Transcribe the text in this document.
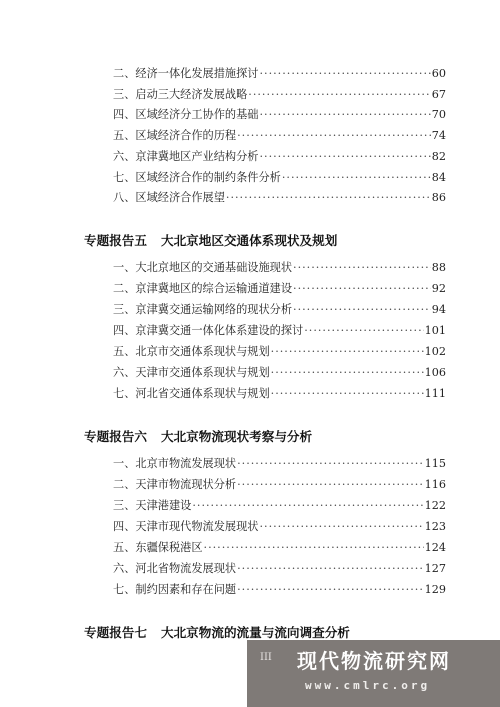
二、经济一体化发展措施探讨 ·····	60
三、启动三大经济发展战略 ·····	67
四、区域经济分工协作的基础 ·····	70
五、区域经济合作的历程 ·····	74
六、京津冀地区产业结构分析 ·····	82
七、区域经济合作的制约条件分析 ·····	84
八、区域经济合作展望 ·····	86
专题报告五 大北京地区交通体系现状及规划
一、大北京地区的交通基础设施现状 ·····	88
二、京津冀地区的综合运输通道建设 ·····	92
三、京津冀交通运输网络的现状分析 ·····	94
四、京津冀交通一体化体系建设的探讨 ·····	101
五、北京市交通体系现状与规划 ·····	102
六、天津市交通体系现状与规划 ·····	106
七、河北省交通体系现状与规划 ·····	111
专题报告六 大北京物流现状考察与分析
一、北京市物流发展现状 ·····	115
二、天津市物流现状分析 ·····	116
三、天津港建设 ·····	122
四、天津市现代物流发展现状 ·····	123
五、东疆保税港区 ·····	124
六、河北省物流发展现状 ·····	127
七、制约因素和存在问题 ·····	129
专题报告七 大北京物流的流量与流向调查分析
III 现代物流研究网
www.cmlrc.org
